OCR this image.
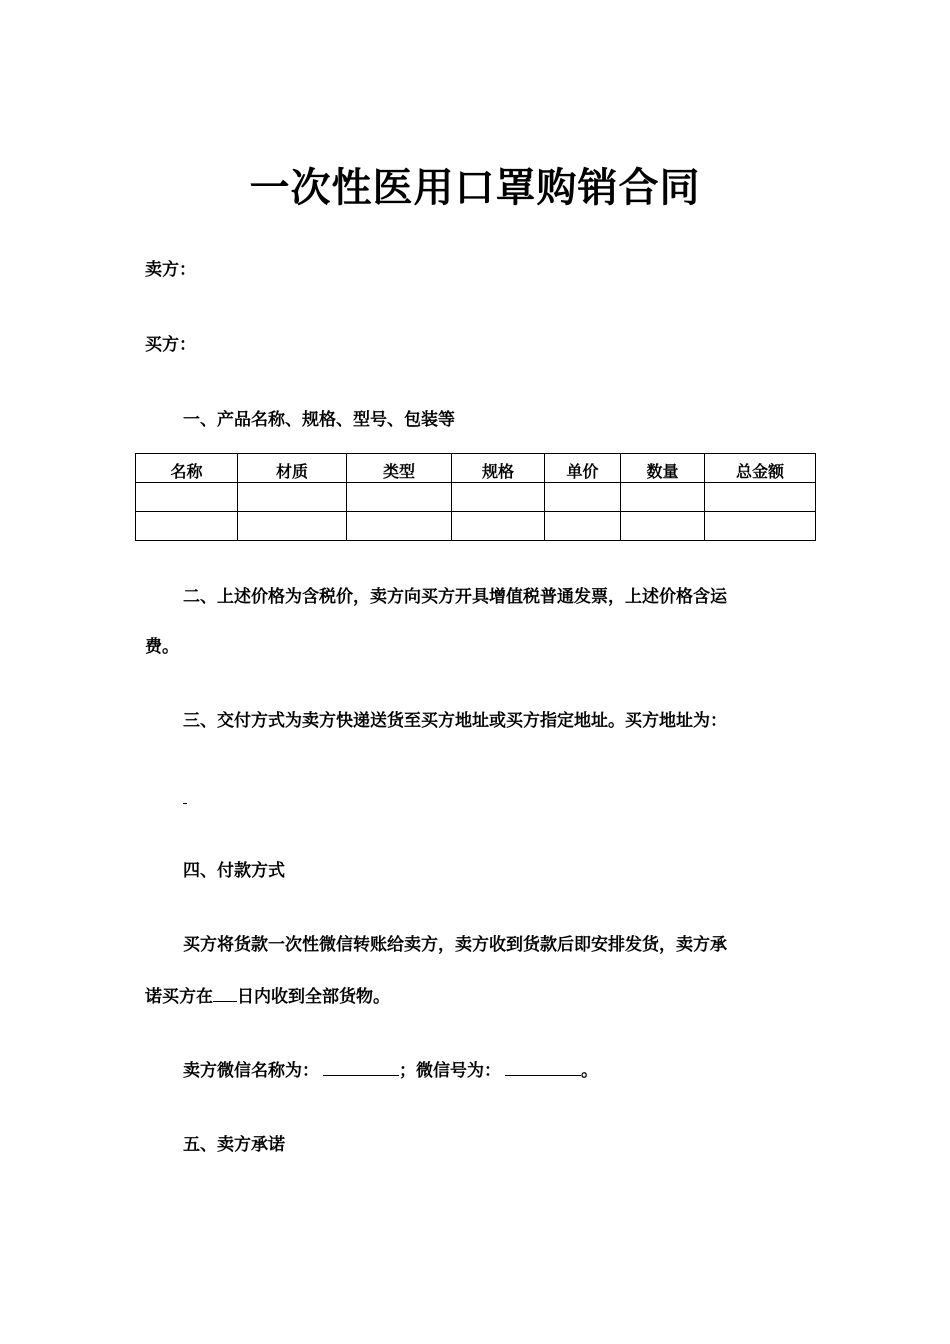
一次性医用口罩购销合同
卖方：
买方：
一、产品名称、规格、型号、包装等
名称	材质	类型	规格	单价	数量	总金额

二、上述价格为含税价，卖方向买方开具增值税普通发票，上述价格含运
费。
三、交付方式为卖方快递送货至买方地址或买方指定地址。买方地址为：
四、付款方式
买方将货款一次性微信转账给卖方，卖方收到货款后即安排发货，卖方承
诺买方在 日内收到全部货物。
卖方微信名称为：	；微信号为：	。
五、卖方承诺
